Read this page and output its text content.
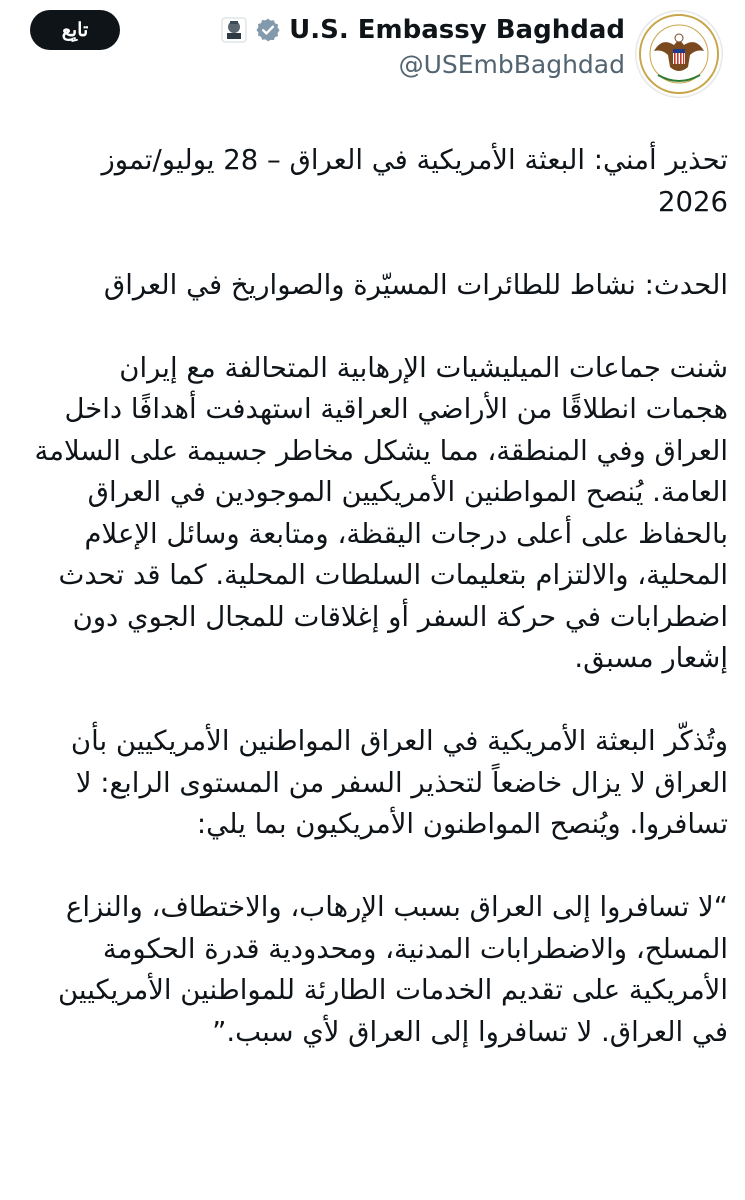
تابِع	U.S. Embassy Baghdad
@USEmbBaghdad

تحذير أمني: البعثة الأمريكية في العراق – 28 يوليو/تموز 2026

الحدث: نشاط للطائرات المسيّرة والصواريخ في العراق

شنت جماعات الميليشيات الإرهابية المتحالفة مع إيران هجمات انطلاقًا من الأراضي العراقية استهدفت أهدافًا داخل العراق وفي المنطقة، مما يشكل مخاطر جسيمة على السلامة العامة. يُنصح المواطنين الأمريكيين الموجودين في العراق بالحفاظ على أعلى درجات اليقظة، ومتابعة وسائل الإعلام المحلية، والالتزام بتعليمات السلطات المحلية. كما قد تحدث اضطرابات في حركة السفر أو إغلاقات للمجال الجوي دون إشعار مسبق.

وتُذكّر البعثة الأمريكية في العراق المواطنين الأمريكيين بأن العراق لا يزال خاضعاً لتحذير السفر من المستوى الرابع: لا تسافروا. ويُنصح المواطنون الأمريكيون بما يلي:

“لا تسافروا إلى العراق بسبب الإرهاب، والاختطاف، والنزاع المسلح، والاضطرابات المدنية، ومحدودية قدرة الحكومة الأمريكية على تقديم الخدمات الطارئة للمواطنين الأمريكيين في العراق. لا تسافروا إلى العراق لأي سبب.”
